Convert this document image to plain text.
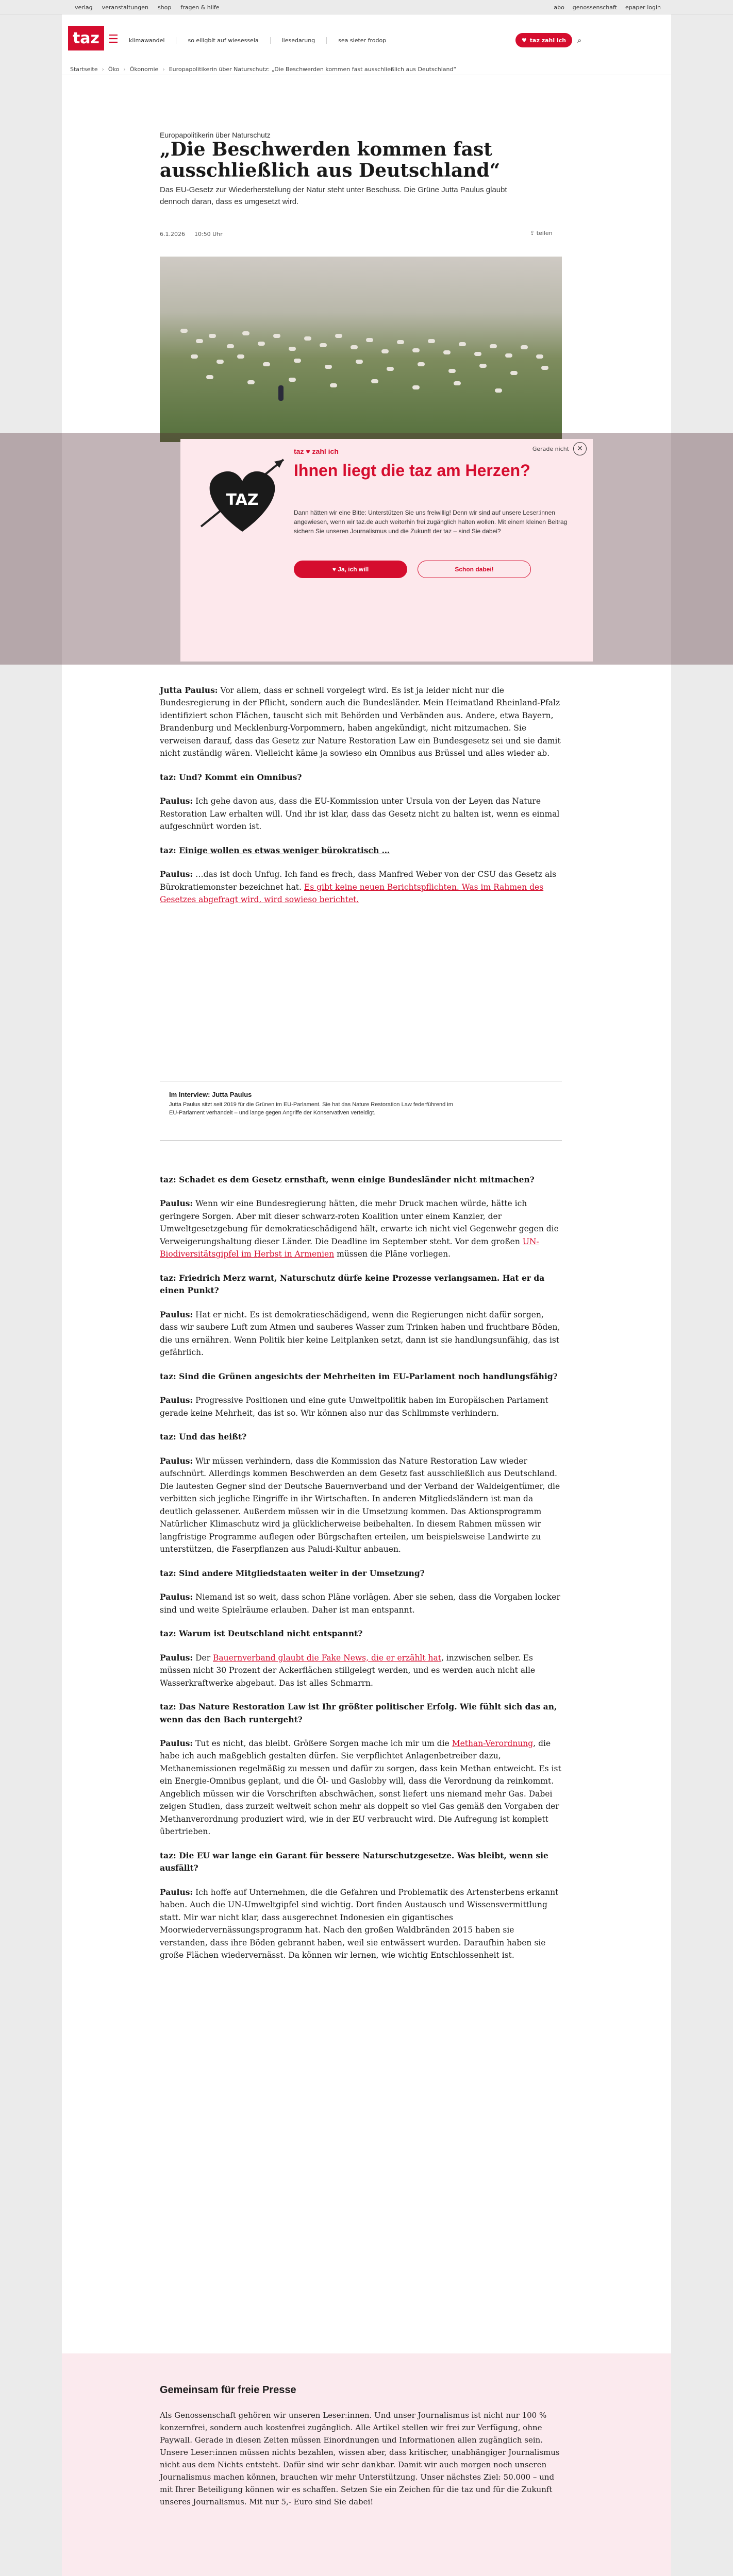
verlag veranstaltungen shop fragen & hilfe	abo genossenschaft epaper login
taz ☰ klimawandel	so eiligblt auf wiesessela	liesedarung	sea sieter frodop	♥ taz zahl ich ⌕
Startseite › Öko › Ökonomie › Europapolitikerin über Naturschutz: „Die Beschwerden kommen fast ausschließlich aus Deutschland“
Europapolitikerin über Naturschutz
„Die Beschwerden kommen fast ausschließlich aus Deutschland“
Das EU-Gesetz zur Wiederherstellung der Natur steht unter Beschuss. Die Grüne Jutta Paulus glaubt dennoch daran, dass es umgesetzt wird.
6.1.2026 10:50 Uhr	⇪ teilen

Jutta Paulus: Vor allem, dass er schnell vorgelegt wird. Es ist ja leider nicht nur die Bundesregierung in der Pflicht, sondern auch die Bundesländer. Mein Heimatland Rheinland-Pfalz identifiziert schon Flächen, tauscht sich mit Behörden und Verbänden aus. Andere, etwa Bayern, Brandenburg und Mecklenburg-Vorpommern, haben angekündigt, nicht mitzumachen. Sie verweisen darauf, dass das Gesetz zur Nature Restoration Law ein Bundesgesetz sei und sie damit nicht zuständig wären. Vielleicht käme ja sowieso ein Omnibus aus Brüssel und alles wieder ab.

taz: Und? Kommt ein Omnibus?

Paulus: Ich gehe davon aus, dass die EU-Kommission unter Ursula von der Leyen das Nature Restoration Law erhalten will. Und ihr ist klar, dass das Gesetz nicht zu halten ist, wenn es einmal aufgeschnürt worden ist.

taz: Einige wollen es etwas weniger bürokratisch …

Paulus: …das ist doch Unfug. Ich fand es frech, dass Manfred Weber von der CSU das Gesetz als Bürokratiemonster bezeichnet hat. Es gibt keine neuen Berichtspflichten. Was im Rahmen des Gesetzes abgefragt wird, wird sowieso berichtet.

Im Interview: Jutta Paulus

Jutta Paulus sitzt seit 2019 für die Grünen im EU-Parlament. Sie hat das Nature Restoration Law federführend im EU-Parlament verhandelt – und lange gegen Angriffe der Konservativen verteidigt.

taz: Schadet es dem Gesetz ernsthaft, wenn einige Bundesländer nicht mitmachen?

Paulus: Wenn wir eine Bundesregierung hätten, die mehr Druck machen würde, hätte ich geringere Sorgen. Aber mit dieser schwarz-roten Koalition unter einem Kanzler, der Umweltgesetzgebung für demokratieschädigend hält, erwarte ich nicht viel Gegenwehr gegen die Verweigerungshaltung dieser Länder. Die Deadline im September steht. Vor dem großen UN-Biodiversitätsgipfel im Herbst in Armenien müssen die Pläne vorliegen.

taz: Friedrich Merz warnt, Naturschutz dürfe keine Prozesse verlangsamen. Hat er da einen Punkt?

Paulus: Hat er nicht. Es ist demokratieschädigend, wenn die Regierungen nicht dafür sorgen, dass wir saubere Luft zum Atmen und sauberes Wasser zum Trinken haben und fruchtbare Böden, die uns ernähren. Wenn Politik hier keine Leitplanken setzt, dann ist sie handlungsunfähig, das ist gefährlich.

taz: Sind die Grünen angesichts der Mehrheiten im EU-Parlament noch handlungsfähig?

Paulus: Progressive Positionen und eine gute Umweltpolitik haben im Europäischen Parlament gerade keine Mehrheit, das ist so. Wir können also nur das Schlimmste verhindern.

taz: Und das heißt?

Paulus: Wir müssen verhindern, dass die Kommission das Nature Restoration Law wieder aufschnürt. Allerdings kommen Beschwerden an dem Gesetz fast ausschließlich aus Deutschland. Die lautesten Gegner sind der Deutsche Bauernverband und der Verband der Waldeigentümer, die verbitten sich jegliche Eingriffe in ihr Wirtschaften. In anderen Mitgliedsländern ist man da deutlich gelassener. Außerdem müssen wir in die Umsetzung kommen. Das Aktionsprogramm Natürlicher Klimaschutz wird ja glücklicherweise beibehalten. In diesem Rahmen müssen wir langfristige Programme auflegen oder Bürgschaften erteilen, um beispielsweise Landwirte zu unterstützen, die Faserpflanzen aus Paludi-Kultur anbauen.

taz: Sind andere Mitgliedstaaten weiter in der Umsetzung?

Paulus: Niemand ist so weit, dass schon Pläne vorlägen. Aber sie sehen, dass die Vorgaben locker sind und weite Spielräume erlauben. Daher ist man entspannt.

taz: Warum ist Deutschland nicht entspannt?

Paulus: Der Bauernverband glaubt die Fake News, die er erzählt hat, inzwischen selber. Es müssen nicht 30 Prozent der Ackerflächen stillgelegt werden, und es werden auch nicht alle Wasserkraftwerke abgebaut. Das ist alles Schmarrn.

taz: Das Nature Restoration Law ist Ihr größter politischer Erfolg. Wie fühlt sich das an, wenn das den Bach runtergeht?

Paulus: Tut es nicht, das bleibt. Größere Sorgen mache ich mir um die Methan-Verordnung, die habe ich auch maßgeblich gestalten dürfen. Sie verpflichtet Anlagenbetreiber dazu, Methanemissionen regelmäßig zu messen und dafür zu sorgen, dass kein Methan entweicht. Es ist ein Energie-Omnibus geplant, und die Öl- und Gaslobby will, dass die Verordnung da reinkommt. Angeblich müssen wir die Vorschriften abschwächen, sonst liefert uns niemand mehr Gas. Dabei zeigen Studien, dass zurzeit weltweit schon mehr als doppelt so viel Gas gemäß den Vorgaben der Methanverordnung produziert wird, wie in der EU verbraucht wird. Die Aufregung ist komplett übertrieben.

taz: Die EU war lange ein Garant für bessere Naturschutzgesetze. Was bleibt, wenn sie ausfällt?

Paulus: Ich hoffe auf Unternehmen, die die Gefahren und Problematik des Artensterbens erkannt haben. Auch die UN-Umweltgipfel sind wichtig. Dort finden Austausch und Wissensvermittlung statt. Mir war nicht klar, dass ausgerechnet Indonesien ein gigantisches Moorwiedervernässungsprogramm hat. Nach den großen Waldbränden 2015 haben sie verstanden, dass ihre Böden gebrannt haben, weil sie entwässert wurden. Daraufhin haben sie große Flächen wiedervernässt. Da können wir lernen, wie wichtig Entschlossenheit ist.

Gemeinsam für freie Presse

Als Genossenschaft gehören wir unseren Leser:innen. Und unser Journalismus ist nicht nur 100 % konzernfrei, sondern auch kostenfrei zugänglich. Alle Artikel stellen wir frei zur Verfügung, ohne Paywall. Gerade in diesen Zeiten müssen Einordnungen und Informationen allen zugänglich sein. Unsere Leser:innen müssen nichts bezahlen, wissen aber, dass kritischer, unabhängiger Journalismus nicht aus dem Nichts entsteht. Dafür sind wir sehr dankbar. Damit wir auch morgen noch unseren Journalismus machen können, brauchen wir mehr Unterstützung. Unser nächstes Ziel: 50.000 – und mit Ihrer Beteiligung können wir es schaffen. Setzen Sie ein Zeichen für die taz und für die Zukunft unseres Journalismus. Mit nur 5,- Euro sind Sie dabei!

Gerade nicht	✕
TAZ
taz ♥ zahl ich
Ihnen liegt die taz am Herzen?
Dann hätten wir eine Bitte: Unterstützen Sie uns freiwillig! Denn wir sind auf unsere Leser:innen angewiesen, wenn wir taz.de auch weiterhin frei zugänglich halten wollen. Mit einem kleinen Beitrag sichern Sie unseren Journalismus und die Zukunft der taz – sind Sie dabei?
♥ Ja, ich will	Schon dabei!
